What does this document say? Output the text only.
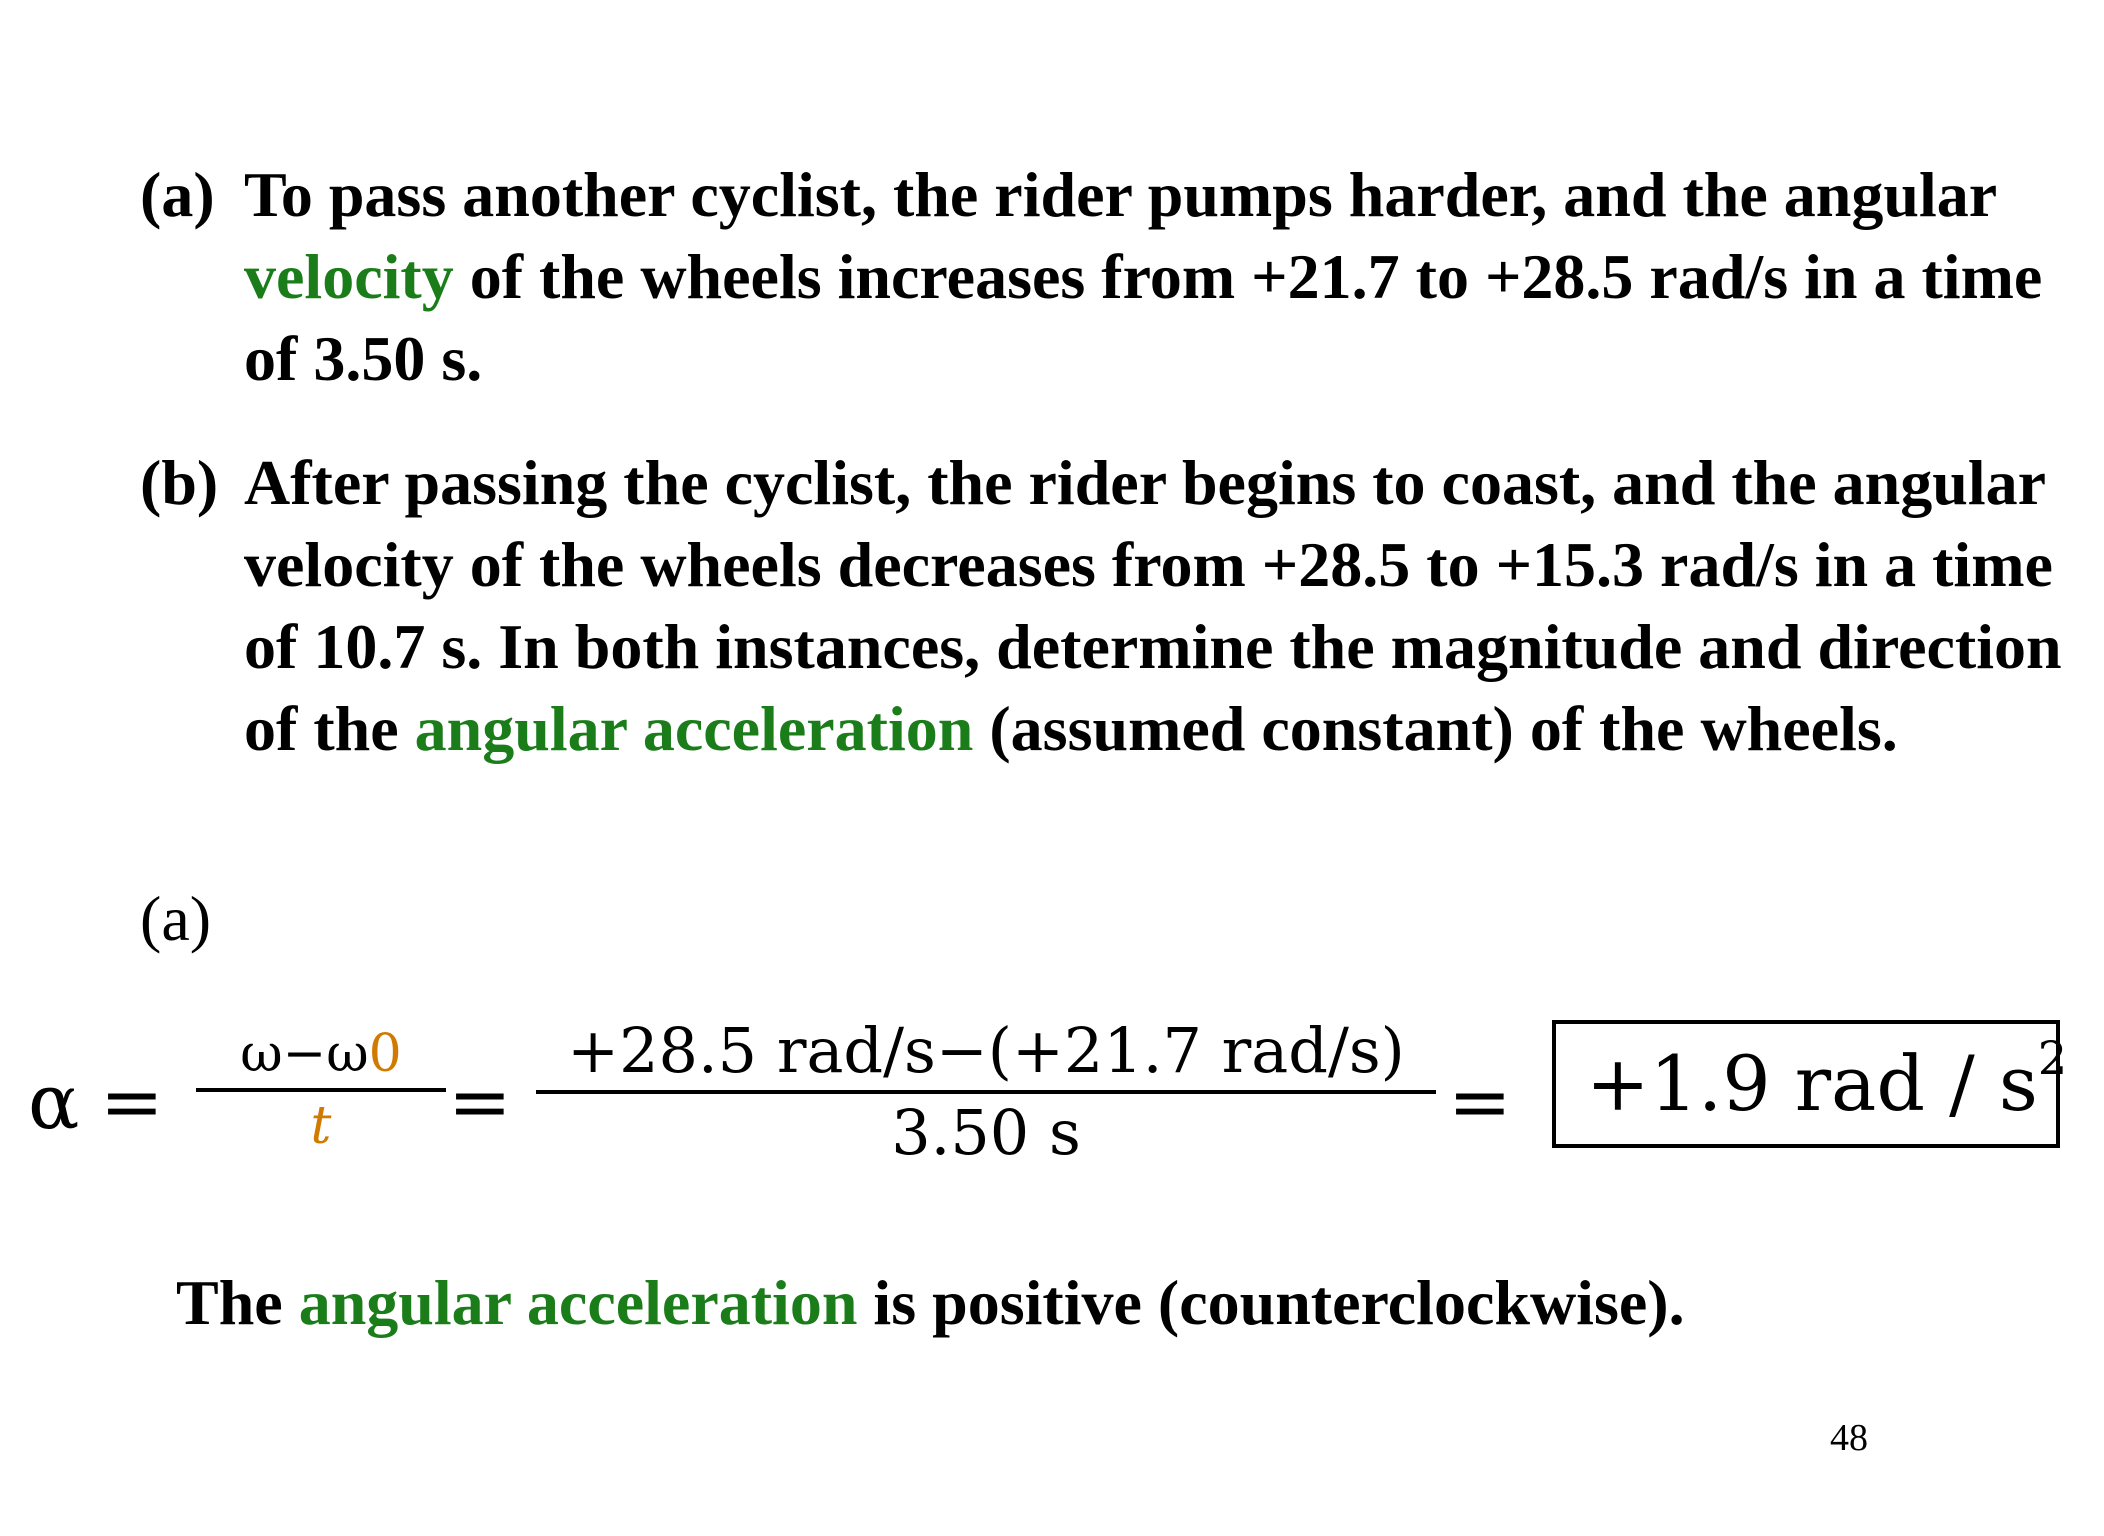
(a) To pass another cyclist, the rider pumps harder, and the angular velocity of the wheels increases from +21.7 to +28.5 rad/s in a time of 3.50 s.
(b) After passing the cyclist, the rider begins to coast, and the angular velocity of the wheels decreases from +28.5 to +15.3 rad/s in a time of 10.7 s. In both instances, determine the magnitude and direction of the angular acceleration (assumed constant) of the wheels.
(a)
α =
ω−ω0
t	=
+28.5 rad/s−(+21.7 rad/s)
3.50 s	= +1.9 rad / $s^2$
The angular acceleration is positive (counterclockwise).
48
